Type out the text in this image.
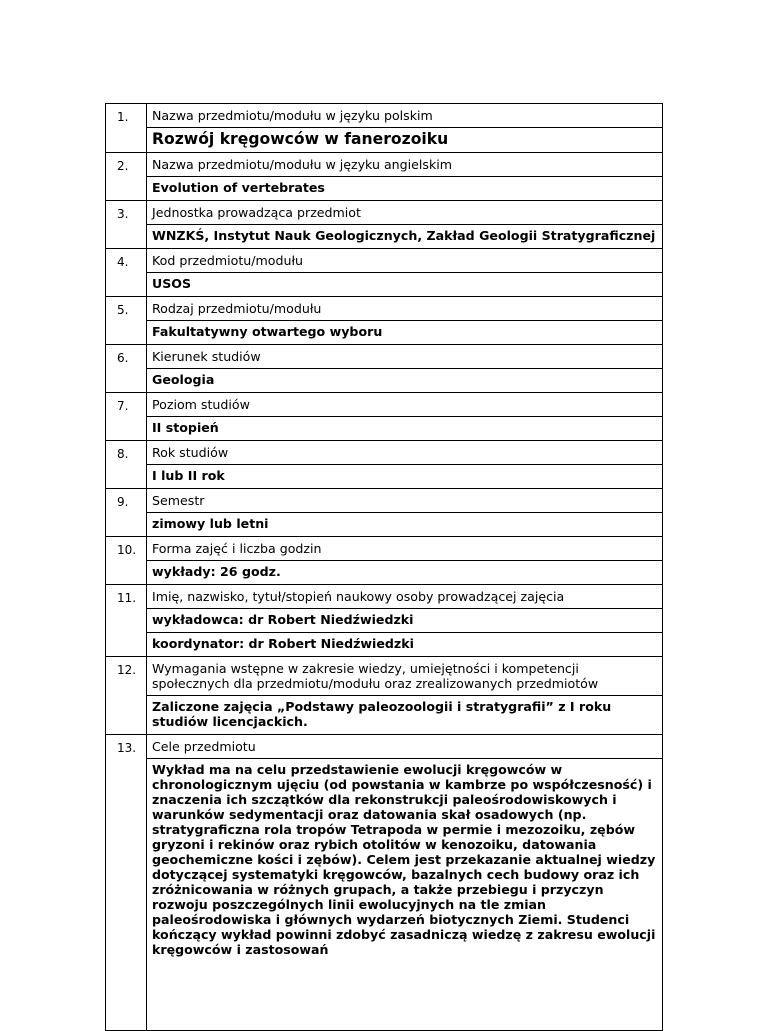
1.	Nazwa przedmiotu/modułu w języku polskim
	Rozwój kręgowców w fanerozoiku
2.	Nazwa przedmiotu/modułu w języku angielskim
	Evolution of vertebrates
3.	Jednostka prowadząca przedmiot
	WNZKŚ, Instytut Nauk Geologicznych, Zakład Geologii Stratygraficznej
4.	Kod przedmiotu/modułu
	USOS
5.	Rodzaj przedmiotu/modułu
	Fakultatywny otwartego wyboru
6.	Kierunek studiów
	Geologia
7.	Poziom studiów
	II stopień
8.	Rok studiów
	I lub II rok
9.	Semestr
	zimowy lub letni
10.	Forma zajęć i liczba godzin
	wykłady: 26 godz.
11.	Imię, nazwisko, tytuł/stopień naukowy osoby prowadzącej zajęcia
	wykładowca: dr Robert Niedźwiedzki
	koordynator: dr Robert Niedźwiedzki
12.	Wymagania wstępne w zakresie wiedzy, umiejętności i kompetencji społecznych dla przedmiotu/modułu oraz zrealizowanych przedmiotów
	Zaliczone zajęcia „Podstawy paleozoologii i stratygrafii” z I roku studiów licencjackich.
13.	Cele przedmiotu

	Wykład ma na celu przedstawienie ewolucji kręgowców w chronologicznym ujęciu (od powstania w kambrze po współczesność) i znaczenia ich szczątków dla rekonstrukcji paleośrodowiskowych i warunków sedymentacji oraz datowania skał osadowych (np. stratygraficzna rola tropów Tetrapoda w permie i mezozoiku, zębów gryzoni i rekinów oraz rybich otolitów w kenozoiku, datowania geochemiczne kości i zębów). Celem jest przekazanie aktualnej wiedzy dotyczącej systematyki kręgowców, bazalnych cech budowy oraz ich zróżnicowania w różnych grupach, a także przebiegu i przyczyn rozwoju poszczególnych linii ewolucyjnych na tle zmian paleośrodowiska i głównych wydarzeń biotycznych Ziemi. Studenci kończący wykład powinni zdobyć zasadniczą wiedzę z zakresu ewolucji kręgowców i zastosowań
